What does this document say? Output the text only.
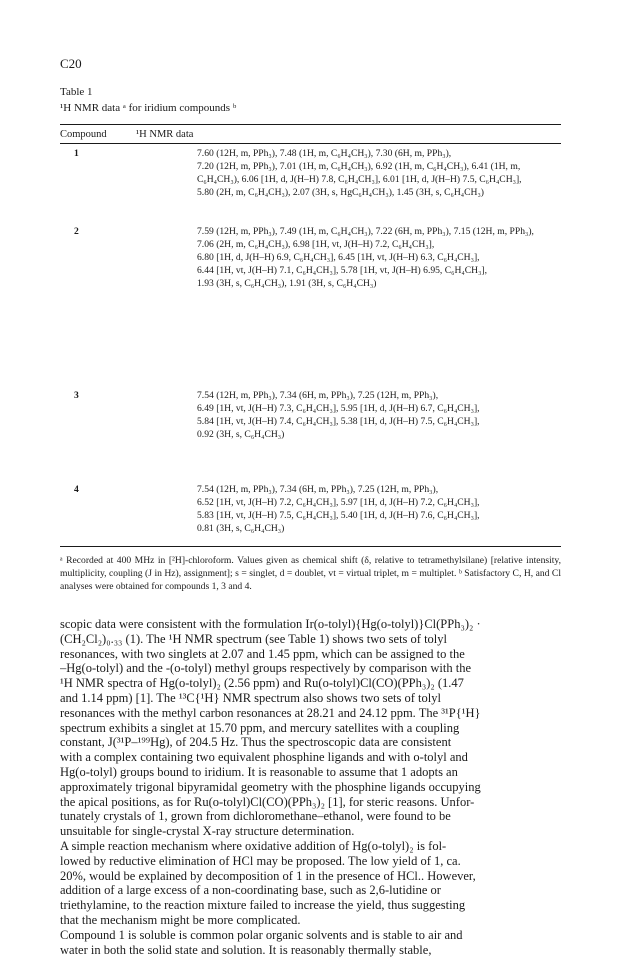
C20
Table 1
¹H NMR data ᵃ for iridium compounds ᵇ
Compound	¹H NMR data
1	7.60 (12H, m, PPh₃), 7.48 (1H, m, C₆H₄CH₃), 7.30 (6H, m, PPh₃),
7.20 (12H, m, PPh₃), 7.01 (1H, m, C₆H₄CH₃), 6.92 (1H, m, C₆H₄CH₃), 6.41 (1H, m,
C₆H₄CH₃), 6.06 [1H, d, J(H–H) 7.8, C₆H₄CH₃], 6.01 [1H, d, J(H–H) 7.5, C₆H₄CH₃],
5.80 (2H, m, C₆H₄CH₃), 2.07 (3H, s, HgC₆H₄CH₃), 1.45 (3H, s, C₆H₄CH₃)
2	7.59 (12H, m, PPh₃), 7.49 (1H, m, C₆H₄CH₃), 7.22 (6H, m, PPh₃), 7.15 (12H, m, PPh₃),
7.06 (2H, m, C₆H₄CH₃), 6.98 [1H, vt, J(H–H) 7.2, C₆H₄CH₃],
6.80 [1H, d, J(H–H) 6.9, C₆H₄CH₃], 6.45 [1H, vt, J(H–H) 6.3, C₆H₄CH₃],
6.44 [1H, vt, J(H–H) 7.1, C₆H₄CH₃], 5.78 [1H, vt, J(H–H) 6.95, C₆H₄CH₃],
1.93 (3H, s, C₆H₄CH₃), 1.91 (3H, s, C₆H₄CH₃)
3	7.54 (12H, m, PPh₃), 7.34 (6H, m, PPh₃), 7.25 (12H, m, PPh₃),
6.49 [1H, vt, J(H–H) 7.3, C₆H₄CH₃], 5.95 [1H, d, J(H–H) 6.7, C₆H₄CH₃],
5.84 [1H, vt, J(H–H) 7.4, C₆H₄CH₃], 5.38 [1H, d, J(H–H) 7.5, C₆H₄CH₃],
0.92 (3H, s, C₆H₄CH₃)
4	7.54 (12H, m, PPh₃), 7.34 (6H, m, PPh₃), 7.25 (12H, m, PPh₃),
6.52 [1H, vt, J(H–H) 7.2, C₆H₄CH₃], 5.97 [1H, d, J(H–H) 7.2, C₆H₄CH₃],
5.83 [1H, vt, J(H–H) 7.5, C₆H₄CH₃], 5.40 [1H, d, J(H–H) 7.6, C₆H₄CH₃],
0.81 (3H, s, C₆H₄CH₃)
ᵃ Recorded at 400 MHz in [²H]-chloroform. Values given as chemical shift (δ, relative to tetramethylsilane) [relative intensity, multiplicity, coupling (J in Hz), assignment]; s = singlet, d = doublet, vt = virtual triplet, m = multiplet. ᵇ Satisfactory C, H, and Cl analyses were obtained for compounds 1, 3 and 4.
scopic data were consistent with the formulation Ir(o-tolyl){Hg(o-tolyl)}Cl(PPh₃)₂ ·
(CH₂Cl₂)₀.₃₃ (1). The ¹H NMR spectrum (see Table 1) shows two sets of tolyl
resonances, with two singlets at 2.07 and 1.45 ppm, which can be assigned to the
–Hg(o-tolyl) and the -(o-tolyl) methyl groups respectively by comparison with the
¹H NMR spectra of Hg(o-tolyl)₂ (2.56 ppm) and Ru(o-tolyl)Cl(CO)(PPh₃)₂ (1.47
and 1.14 ppm) [1]. The ¹³C{¹H} NMR spectrum also shows two sets of tolyl
resonances with the methyl carbon resonances at 28.21 and 24.12 ppm. The ³¹P{¹H}
spectrum exhibits a singlet at 15.70 ppm, and mercury satellites with a coupling
constant, J(³¹P–¹⁹⁹Hg), of 204.5 Hz. Thus the spectroscopic data are consistent
with a complex containing two equivalent phosphine ligands and with o-tolyl and
Hg(o-tolyl) groups bound to iridium. It is reasonable to assume that 1 adopts an
approximately trigonal bipyramidal geometry with the phosphine ligands occupying
the apical positions, as for Ru(o-tolyl)Cl(CO)(PPh₃)₂ [1], for steric reasons. Unfor-
tunately crystals of 1, grown from dichloromethane–ethanol, were found to be
unsuitable for single-crystal X-ray structure determination.
A simple reaction mechanism where oxidative addition of Hg(o-tolyl)₂ is fol-
lowed by reductive elimination of HCl may be proposed. The low yield of 1, ca.
20%, would be explained by decomposition of 1 in the presence of HCl.. However,
addition of a large excess of a non-coordinating base, such as 2,6-lutidine or
triethylamine, to the reaction mixture failed to increase the yield, thus suggesting
that the mechanism might be more complicated.
Compound 1 is soluble is common polar organic solvents and is stable to air and
water in both the solid state and solution. It is reasonably thermally stable,
